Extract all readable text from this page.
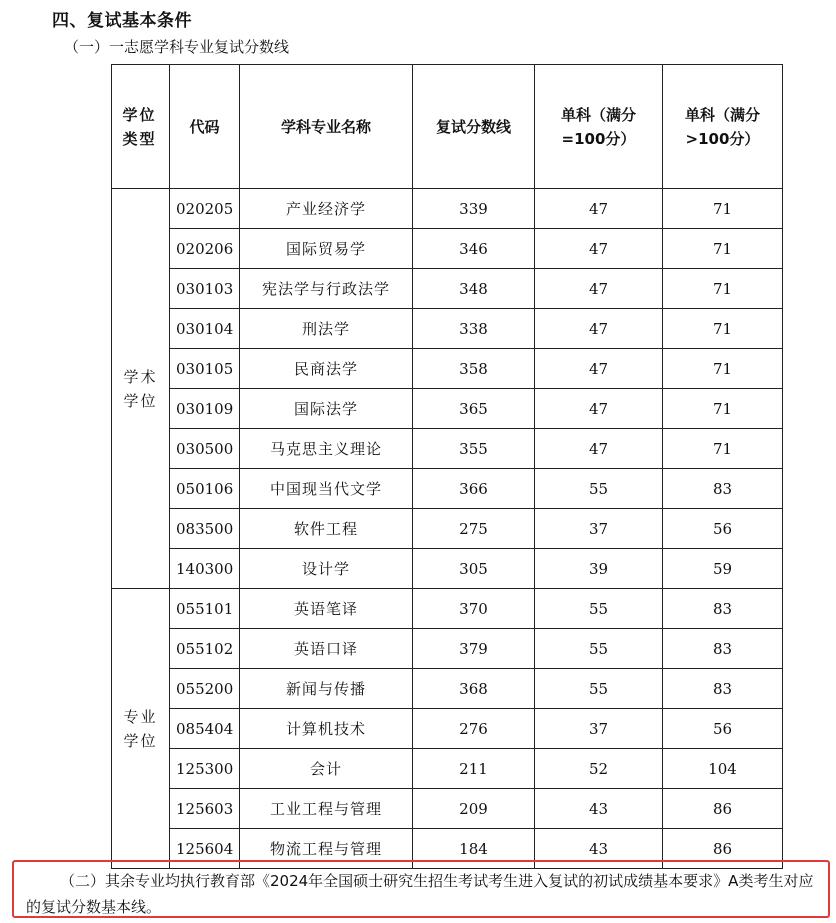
四、复试基本条件
（一）一志愿学科专业复试分数线
学位类型	代码	学科专业名称	复试分数线	单科（满分=100分）	单科（满分>100分）
学术学位	020205	产业经济学	339	47	71
	020206	国际贸易学	346	47	71
	030103	宪法学与行政法学	348	47	71
	030104	刑法学	338	47	71
	030105	民商法学	358	47	71
	030109	国际法学	365	47	71
	030500	马克思主义理论	355	47	71
	050106	中国现当代文学	366	55	83
	083500	软件工程	275	37	56
	140300	设计学	305	39	59
专业学位	055101	英语笔译	370	55	83
	055102	英语口译	379	55	83
	055200	新闻与传播	368	55	83
	085404	计算机技术	276	37	56
	125300	会计	211	52	104
	125603	工业工程与管理	209	43	86
	125604	物流工程与管理	184	43	86
（二）其余专业均执行教育部《2024年全国硕士研究生招生考试考生进入复试的初试成绩基本要求》A类考生对应的复试分数基本线。
